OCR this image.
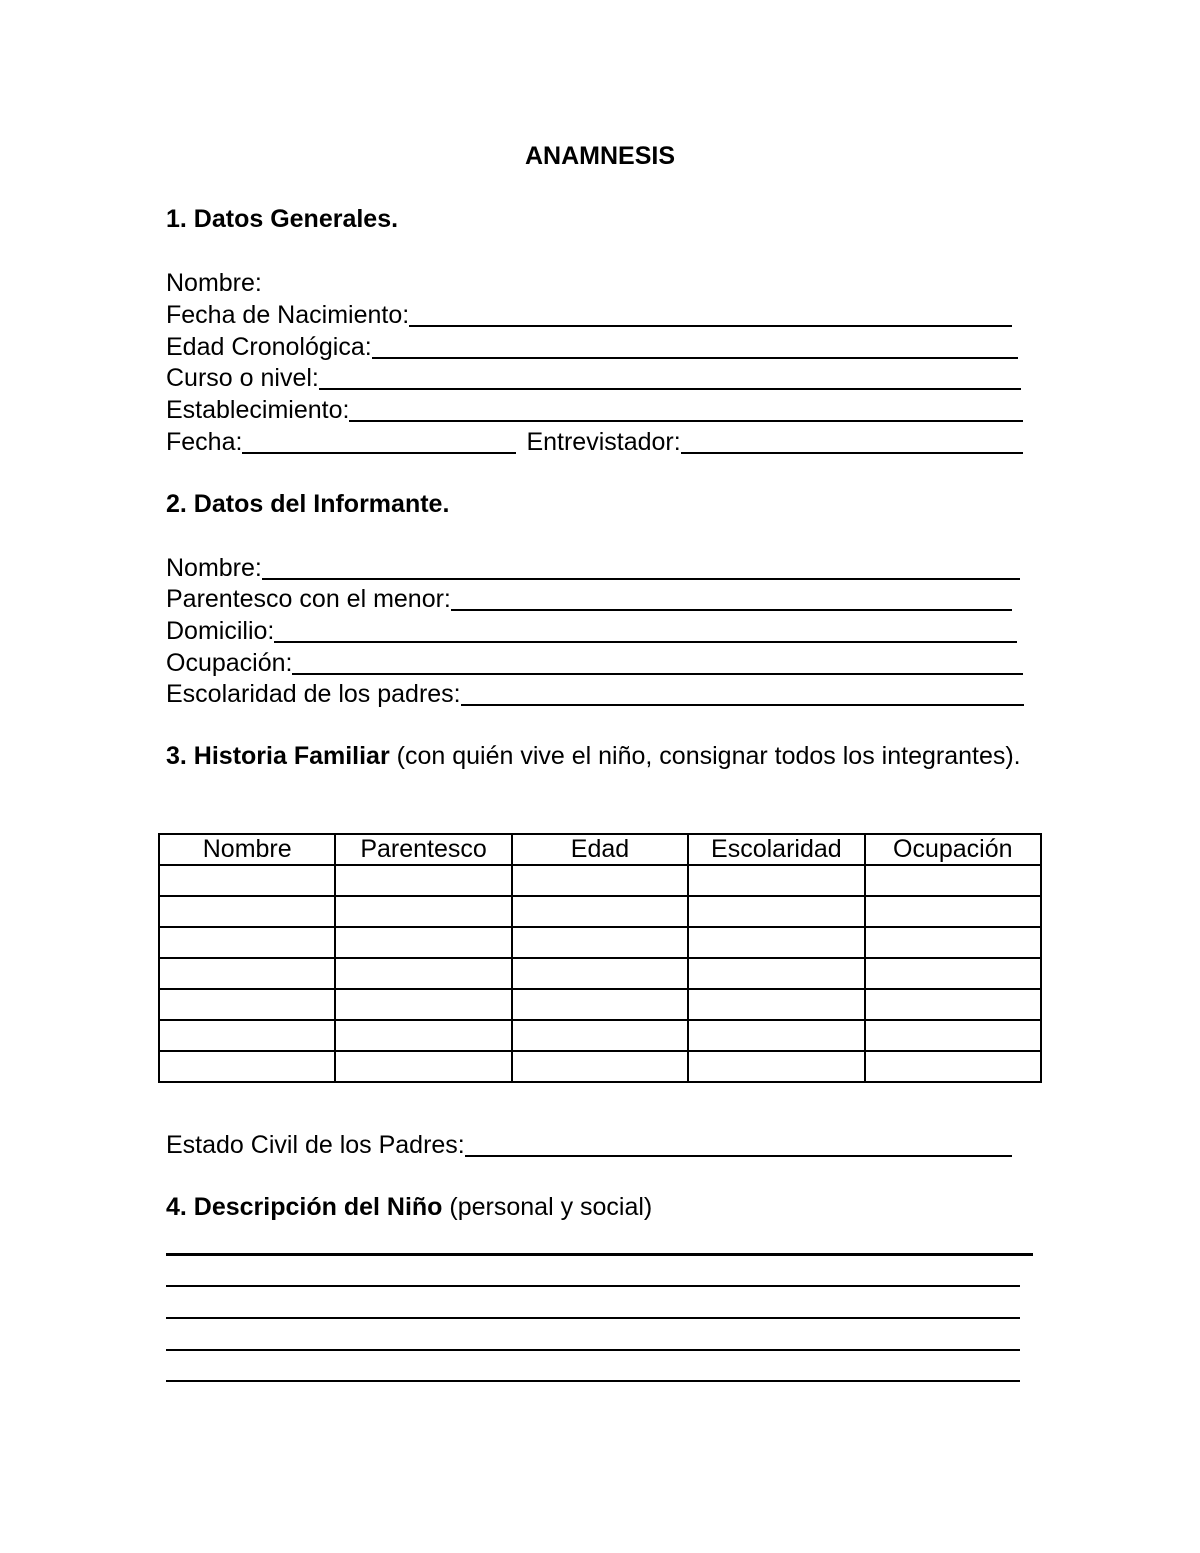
ANAMNESIS
1. Datos Generales.
Nombre:
Fecha de Nacimiento:
Edad Cronológica:
Curso o nivel:
Establecimiento:
Fecha:	Entrevistador:
2. Datos del Informante.
Nombre:
Parentesco con el menor:
Domicilio:
Ocupación:
Escolaridad de los padres:
3. Historia Familiar (con quién vive el niño, consignar todos los integrantes).
Nombre	Parentesco	Edad	Escolaridad	Ocupación

Estado Civil de los Padres:
4. Descripción del Niño (personal y social)
